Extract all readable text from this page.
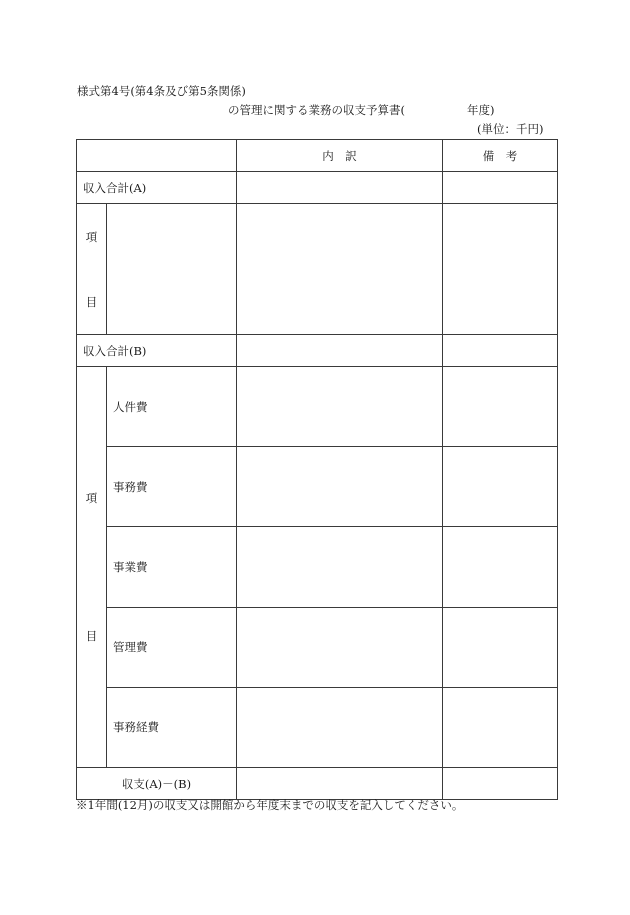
様式第4号(第4条及び第5条関係)
の管理に関する業務の収支予算書(	年度)
(単位：千円)
		内　訳	備　考
収入合計(A)			

項
目			

収入合計(B)			

項
目	人件費		
	事務費		
	事業費		
	管理費		
	事務経費		
収支(A)－(B)			
※1年間(12月)の収支又は開館から年度末までの収支を記入してください。
